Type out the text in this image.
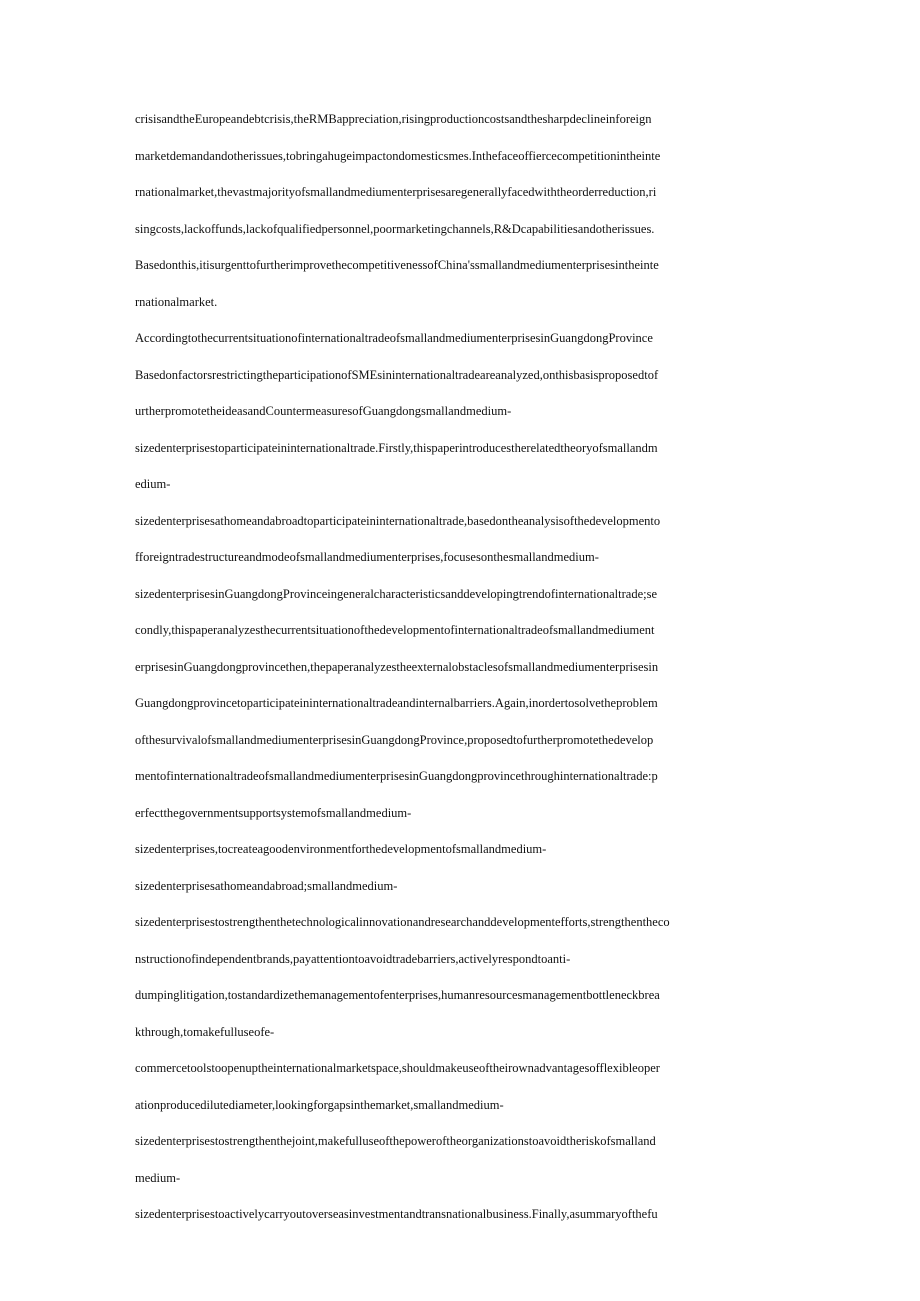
crisisandtheEuropeandebtcrisis,theRMBappreciation,risingproductioncostsandthesharpdeclineinforeign
marketdemandandotherissues,tobringahugeimpactondomesticsmes.Inthefaceoffiercecompetitionintheinte
rnationalmarket,thevastmajorityofsmallandmediumenterprisesaregenerallyfacedwiththeorderreduction,ri
singcosts,lackoffunds,lackofqualifiedpersonnel,poormarketingchannels,R&Dcapabilitiesandotherissues.
Basedonthis,itisurgenttofurtherimprovethecompetitivenessofChina'ssmallandmediumenterprisesintheinte
rnationalmarket.
AccordingtothecurrentsituationofinternationaltradeofsmallandmediumenterprisesinGuangdongProvince
BasedonfactorsrestrictingtheparticipationofSMEsininternationaltradeareanalyzed,onthisbasisproposedtof
urtherpromotetheideasandCountermeasuresofGuangdongsmallandmedium-
sizedenterprisestoparticipateininternationaltrade.Firstly,thispaperintroducestherelatedtheoryofsmallandm
edium-
sizedenterprisesathomeandabroadtoparticipateininternationaltrade,basedontheanalysisofthedevelopmento
fforeigntradestructureandmodeofsmallandmediumenterprises,focusesonthesmallandmedium-
sizedenterprisesinGuangdongProvinceingeneralcharacteristicsanddevelopingtrendofinternationaltrade;se
condly,thispaperanalyzesthecurrentsituationofthedevelopmentofinternationaltradeofsmallandmediument
erprisesinGuangdongprovincethen,thepaperanalyzestheexternalobstaclesofsmallandmediumenterprisesin
Guangdongprovincetoparticipateininternationaltradeandinternalbarriers.Again,inordertosolvetheproblem
ofthesurvivalofsmallandmediumenterprisesinGuangdongProvince,proposedtofurtherpromotethedevelop
mentofinternationaltradeofsmallandmediumenterprisesinGuangdongprovincethroughinternationaltrade:p
erfectthegovernmentsupportsystemofsmallandmedium-
sizedenterprises,tocreateagoodenvironmentforthedevelopmentofsmallandmedium-
sizedenterprisesathomeandabroad;smallandmedium-
sizedenterprisestostrengthenthetechnologicalinnovationandresearchanddevelopmentefforts,strengthentheco
nstructionofindependentbrands,payattentiontoavoidtradebarriers,activelyrespondtoanti-
dumpinglitigation,tostandardizethemanagementofenterprises,humanresourcesmanagementbottleneckbrea
kthrough,tomakefulluseofe-
commercetoolstoopenuptheinternationalmarketspace,shouldmakeuseoftheirownadvantagesofflexibleoper
ationproducedilutediameter,lookingforgapsinthemarket,smallandmedium-
sizedenterprisestostrengthenthejoint,makefulluseofthepoweroftheorganizationstoavoidtheriskofsmalland
medium-
sizedenterprisestoactivelycarryoutoverseasinvestmentandtransnationalbusiness.Finally,asummaryofthefu
